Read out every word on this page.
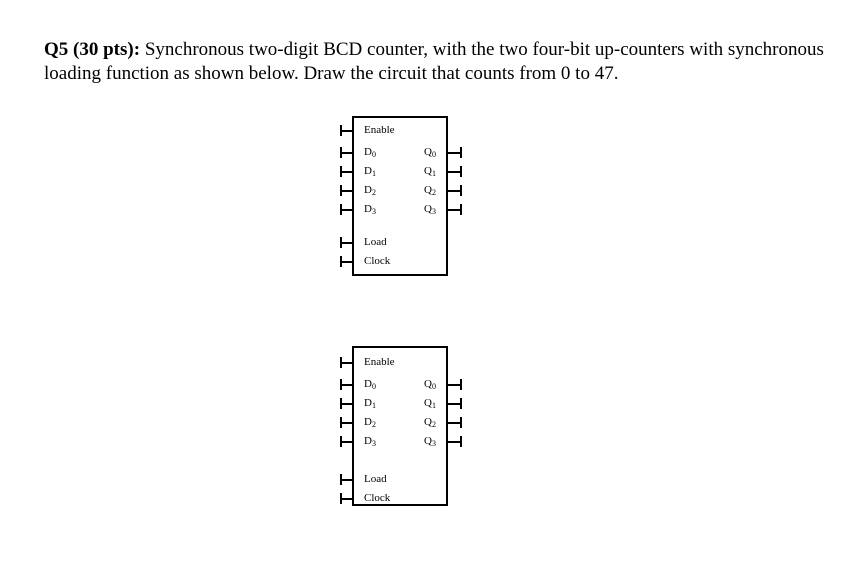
Q5 (30 pts): Synchronous two-digit BCD counter, with the two four-bit up-counters with synchronous loading function as shown below. Draw the circuit that counts from 0 to 47.
Enable
$D_0$
$D_1$
$D_2$
$D_3$
Load
Clock
$Q_0$
$Q_1$
$Q_2$
$Q_3$
Enable
$D_0$
$D_1$
$D_2$
$D_3$
Load
Clock
$Q_0$
$Q_1$
$Q_2$
$Q_3$
